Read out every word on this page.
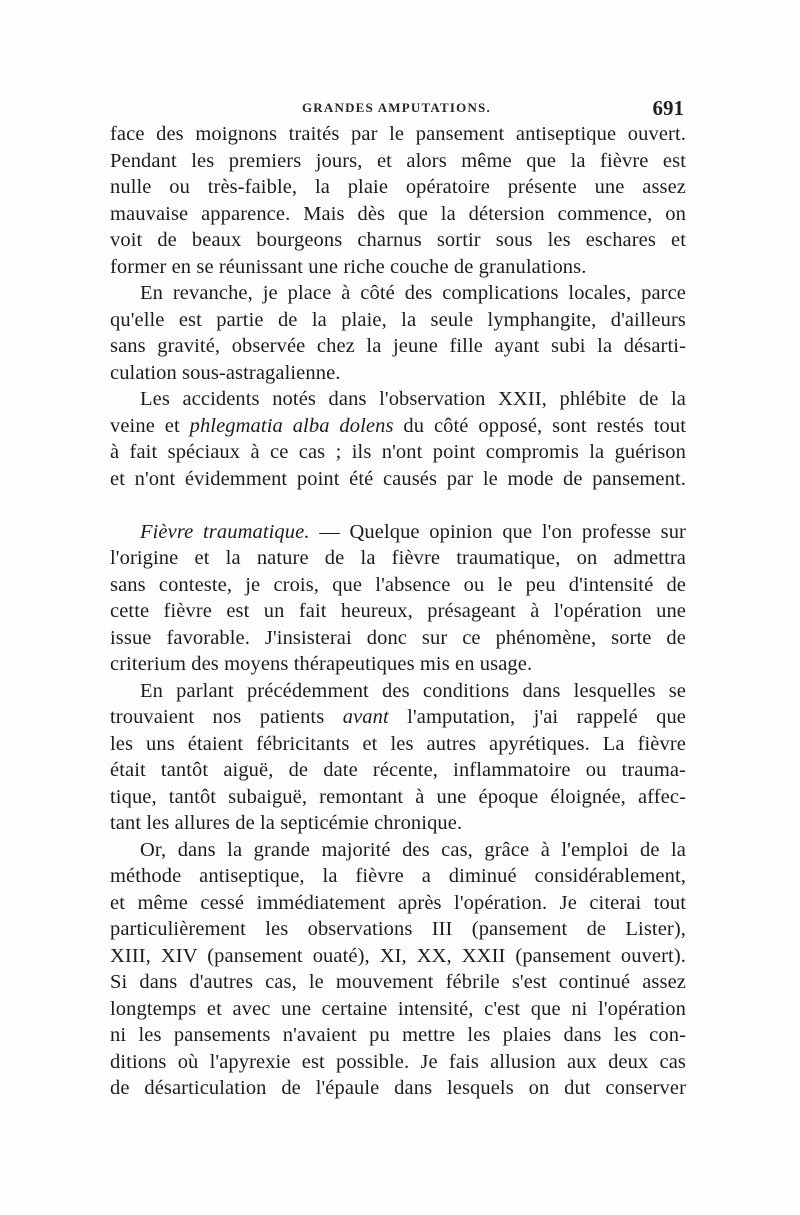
GRANDES AMPUTATIONS.	691
face des moignons traités par le pansement antiseptique ouvert.
Pendant les premiers jours, et alors même que la fièvre est
nulle ou très-faible, la plaie opératoire présente une assez
mauvaise apparence. Mais dès que la détersion commence, on
voit de beaux bourgeons charnus sortir sous les eschares et
former en se réunissant une riche couche de granulations.
En revanche, je place à côté des complications locales, parce
qu'elle est partie de la plaie, la seule lymphangite, d'ailleurs
sans gravité, observée chez la jeune fille ayant subi la désarti-
culation sous-astragalienne.
Les accidents notés dans l'observation XXII, phlébite de la
veine et phlegmatia alba dolens du côté opposé, sont restés tout
à fait spéciaux à ce cas ; ils n'ont point compromis la guérison
et n'ont évidemment point été causés par le mode de pansement.
Fièvre traumatique. — Quelque opinion que l'on professe sur
l'origine et la nature de la fièvre traumatique, on admettra
sans conteste, je crois, que l'absence ou le peu d'intensité de
cette fièvre est un fait heureux, présageant à l'opération une
issue favorable. J'insisterai donc sur ce phénomène, sorte de
criterium des moyens thérapeutiques mis en usage.
En parlant précédemment des conditions dans lesquelles se
trouvaient nos patients avant l'amputation, j'ai rappelé que
les uns étaient fébricitants et les autres apyrétiques. La fièvre
était tantôt aiguë, de date récente, inflammatoire ou trauma-
tique, tantôt subaiguë, remontant à une époque éloignée, affec-
tant les allures de la septicémie chronique.
Or, dans la grande majorité des cas, grâce à l'emploi de la
méthode antiseptique, la fièvre a diminué considérablement,
et même cessé immédiatement après l'opération. Je citerai tout
particulièrement les observations III (pansement de Lister),
XIII, XIV (pansement ouaté), XI, XX, XXII (pansement ouvert).
Si dans d'autres cas, le mouvement fébrile s'est continué assez
longtemps et avec une certaine intensité, c'est que ni l'opération
ni les pansements n'avaient pu mettre les plaies dans les con-
ditions où l'apyrexie est possible. Je fais allusion aux deux cas
de désarticulation de l'épaule dans lesquels on dut conserver
